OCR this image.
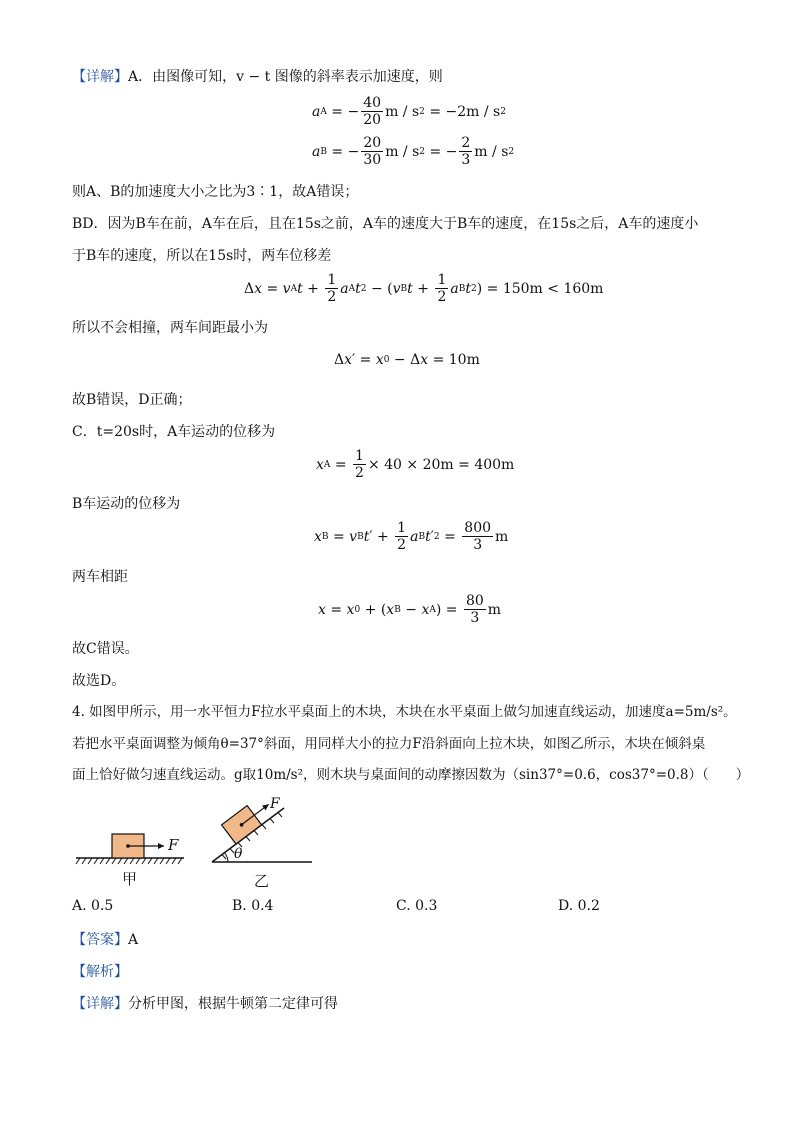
【详解】A．由图像可知，v − t 图像的斜率表示加速度，则
a A = − $\frac{40}{20}$ m / s 2 = −2m / s 2
a B = − $\frac{20}{30}$ m / s 2 = − $\frac{2}{3}$ m / s 2
则A、B的加速度大小之比为3∶1，故A错误；
BD．因为B车在前，A车在后，且在15s之前，A车的速度大于B车的速度，在15s之后，A车的速度小
于B车的速度，所以在15s时，两车位移差
Δ x = v A $t + \frac{1}{2}$ a A t 2 − ( v B $t + \frac{1}{2}$ a B t 2 ) = 150m < 160m
所以不会相撞，两车间距最小为
Δ x ′ = x 0 − Δ x = 10m
故B错误，D正确；
C．t=20s时，A车运动的位移为
x $A = \frac{1}{2} \times 40 \times 20m = 400m$
B车运动的位移为
x B = v B t ′ + $\frac{1}{2}$ a B t ′ $2 = \frac{800}{3}$ m
两车相距
x = x 0 + ( x B − x A ) = $\frac{80}{3}$ m
故C错误。
故选D。
4. 如图甲所示，用一水平恒力F拉水平桌面上的木块，木块在水平桌面上做匀加速直线运动，加速度a=5m/s²。
若把水平桌面调整为倾角θ=37°斜面，用同样大小的拉力F沿斜面向上拉木块，如图乙所示，木块在倾斜桌
面上恰好做匀速直线运动。g取10m/s²，则木块与桌面间的动摩擦因数为（sin37°=0.6，cos37°=0.8）（　　）
F
F
θ
甲	乙
A. 0.5	B. 0.4	C. 0.3	D. 0.2
【答案】A
【解析】
【详解】分析甲图，根据牛顿第二定律可得
